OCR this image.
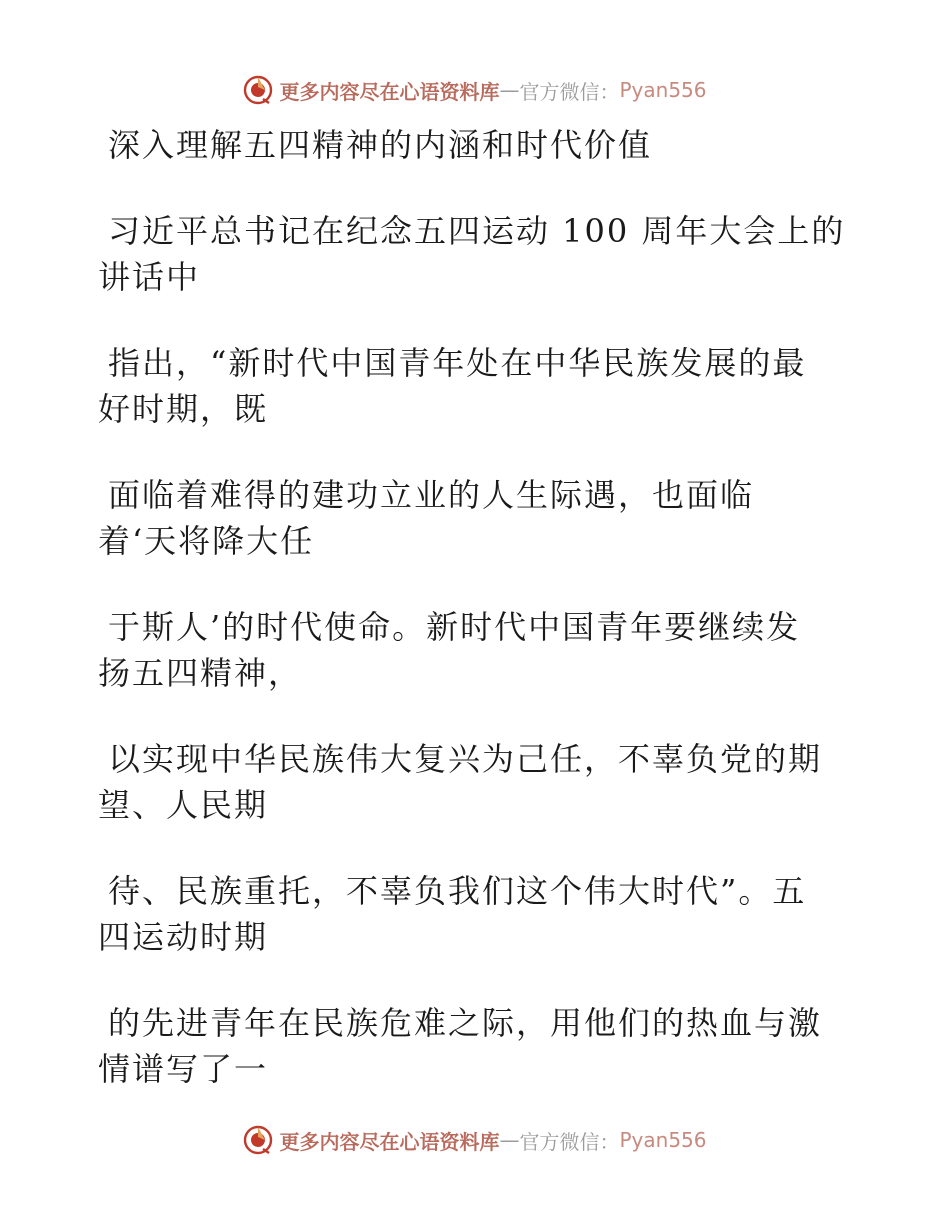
更多内容尽在心语资料库 — 官方微信： Pyan556

深入理解五四精神的内涵和时代价值

习近平总书记在纪念五四运动 100 周年大会上的

讲话中

指出，“新时代中国青年处在中华民族发展的最

好时期，既

面临着难得的建功立业的人生际遇，也面临

着‘天将降大任

于斯人’的时代使命。新时代中国青年要继续发

扬五四精神，

以实现中华民族伟大复兴为己任，不辜负党的期

望、人民期

待、民族重托，不辜负我们这个伟大时代”。五

四运动时期

的先进青年在民族危难之际，用他们的热血与激

情谱写了一

更多内容尽在心语资料库 — 官方微信： Pyan556
